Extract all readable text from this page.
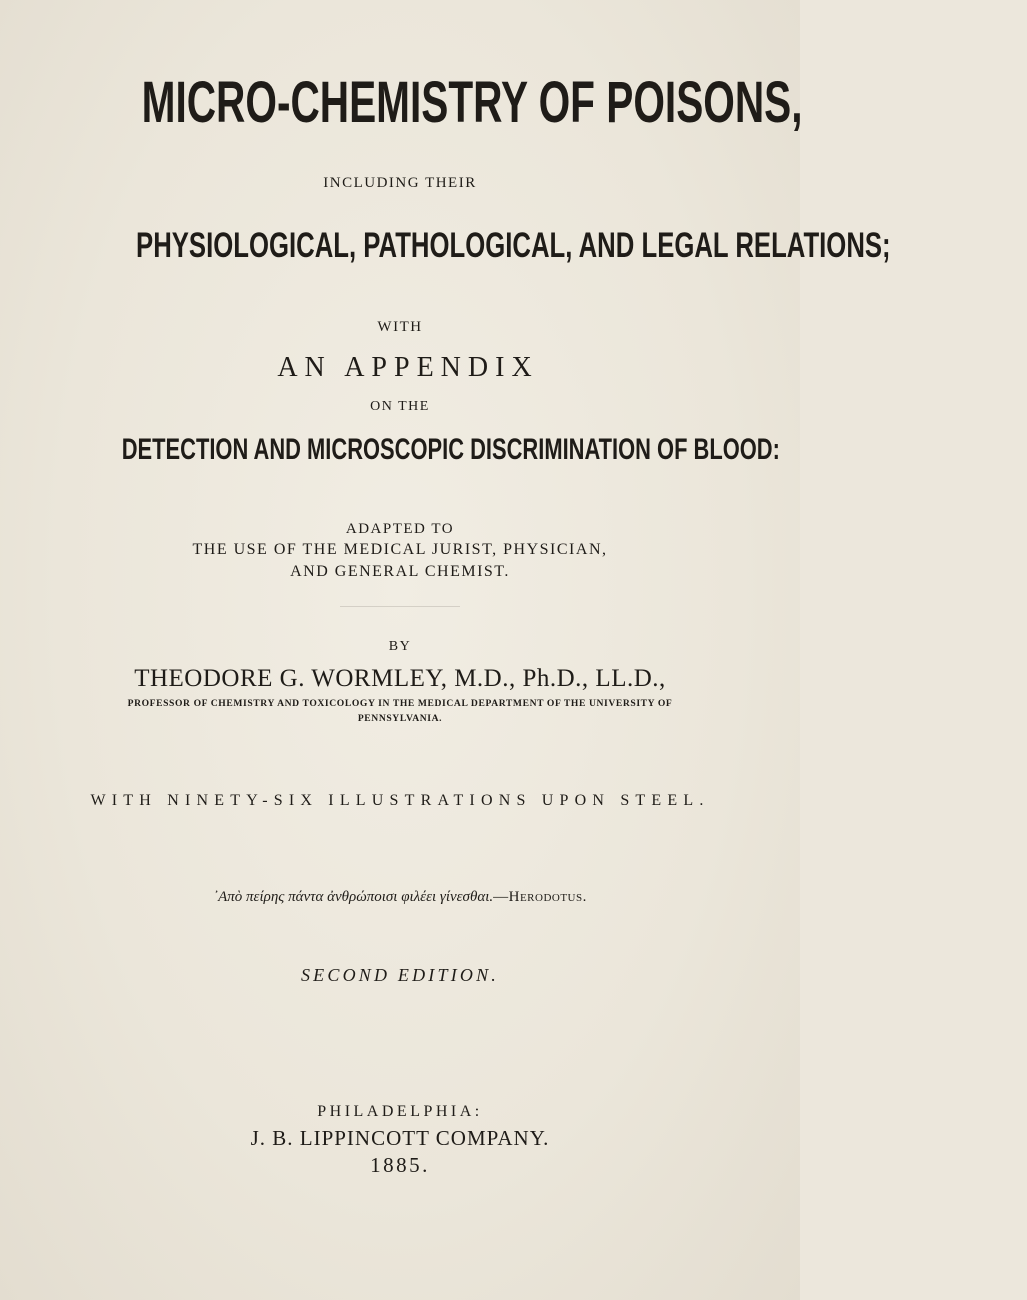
MICRO-CHEMISTRY OF POISONS,

INCLUDING THEIR

PHYSIOLOGICAL, PATHOLOGICAL, AND LEGAL RELATIONS;

WITH

AN APPENDIX

ON THE

DETECTION AND MICROSCOPIC DISCRIMINATION OF BLOOD:

ADAPTED TO

THE USE OF THE MEDICAL JURIST, PHYSICIAN,

AND GENERAL CHEMIST.

BY

THEODORE G. WORMLEY, M.D., Ph.D., LL.D.,

PROFESSOR OF CHEMISTRY AND TOXICOLOGY IN THE MEDICAL DEPARTMENT OF THE UNIVERSITY OF

PENNSYLVANIA.

WITH NINETY-SIX ILLUSTRATIONS UPON STEEL.

᾿Απὸ πείρης πάντα ἀνθρώποισι φιλέει γίνεσθαι.—Herodotus.

SECOND EDITION.

PHILADELPHIA:

J. B. LIPPINCOTT COMPANY.

1885.
